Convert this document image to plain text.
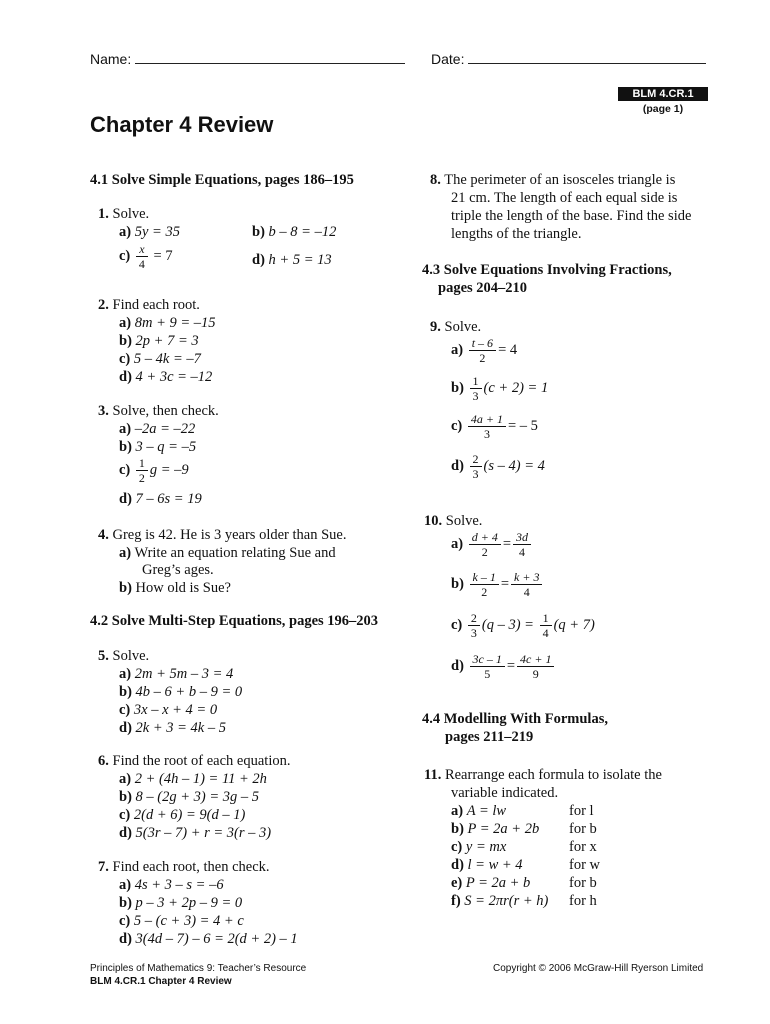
Name:	Date:
BLM 4.CR.1
(page 1)
Chapter 4 Review
4.1 Solve Simple Equations, pages 186–195
1. Solve.
a) 5y = 35	b) b – 8 = –12
$c) \frac{x}{4} = 7$	d) h + 5 = 13
2. Find each root.
a) 8m + 9 = –15
b) 2p + 7 = 3
c) 5 – 4k = –7
d) 4 + 3c = –12
3. Solve, then check.
a) –2a = –22
b) 3 – q = –5
$c) \frac{1}{2}$ g = –9
d) 7 – 6s = 19
4. Greg is 42. He is 3 years older than Sue.
a) Write an equation relating Sue and
Greg’s ages.
b) How old is Sue?
4.2 Solve Multi-Step Equations, pages 196–203
5. Solve.
a) 2m + 5m – 3 = 4
b) 4b – 6 + b – 9 = 0
c) 3x – x + 4 = 0
d) 2k + 3 = 4k – 5
6. Find the root of each equation.
a) 2 + (4h – 1) = 11 + 2h
b) 8 – (2g + 3) = 3g – 5
c) 2(d + 6) = 9(d – 1)
d) 5(3r – 7) + r = 3(r – 3)
7. Find each root, then check.
a) 4s + 3 – s = –6
b) p – 3 + 2p – 9 = 0
c) 5 – (c + 3) = 4 + c
d) 3(4d – 7) – 6 = 2(d + 2) – 1
8. The perimeter of an isosceles triangle is
21 cm. The length of each equal side is
triple the length of the base. Find the side
lengths of the triangle.
4.3 Solve Equations Involving Fractions,
pages 204–210
9. Solve.
$a) \frac{t - 6}{2} = 4$
$b) \frac{1}{3} (c + 2) = 1$
$c) \frac{4a + 1}{3}$ = – 5
$d) \frac{2}{3} (s - 4) = 4$
10. Solve.
$a) \frac{d + 4}{2} = \frac{3d}{4}$
$b) \frac{k - 1}{2} = \frac{k + 3}{4}$
$c) \frac{2}{3} (q - 3) = \frac{1}{4} (q + 7)$
$d) \frac{3c - 1}{5} = \frac{4c + 1}{9}$
4.4 Modelling With Formulas,
pages 211–219
11. Rearrange each formula to isolate the
variable indicated.
a) A = lw	for l
b) P = 2a + 2b for b
c) y = mx	for x
d) l = w + 4	for w
e) P = 2a + b	for b
f) S = 2πr(r + h) for h
Principles of Mathematics 9: Teacher’s Resource
BLM 4.CR.1 Chapter 4 Review
Copyright © 2006 McGraw-Hill Ryerson Limited
